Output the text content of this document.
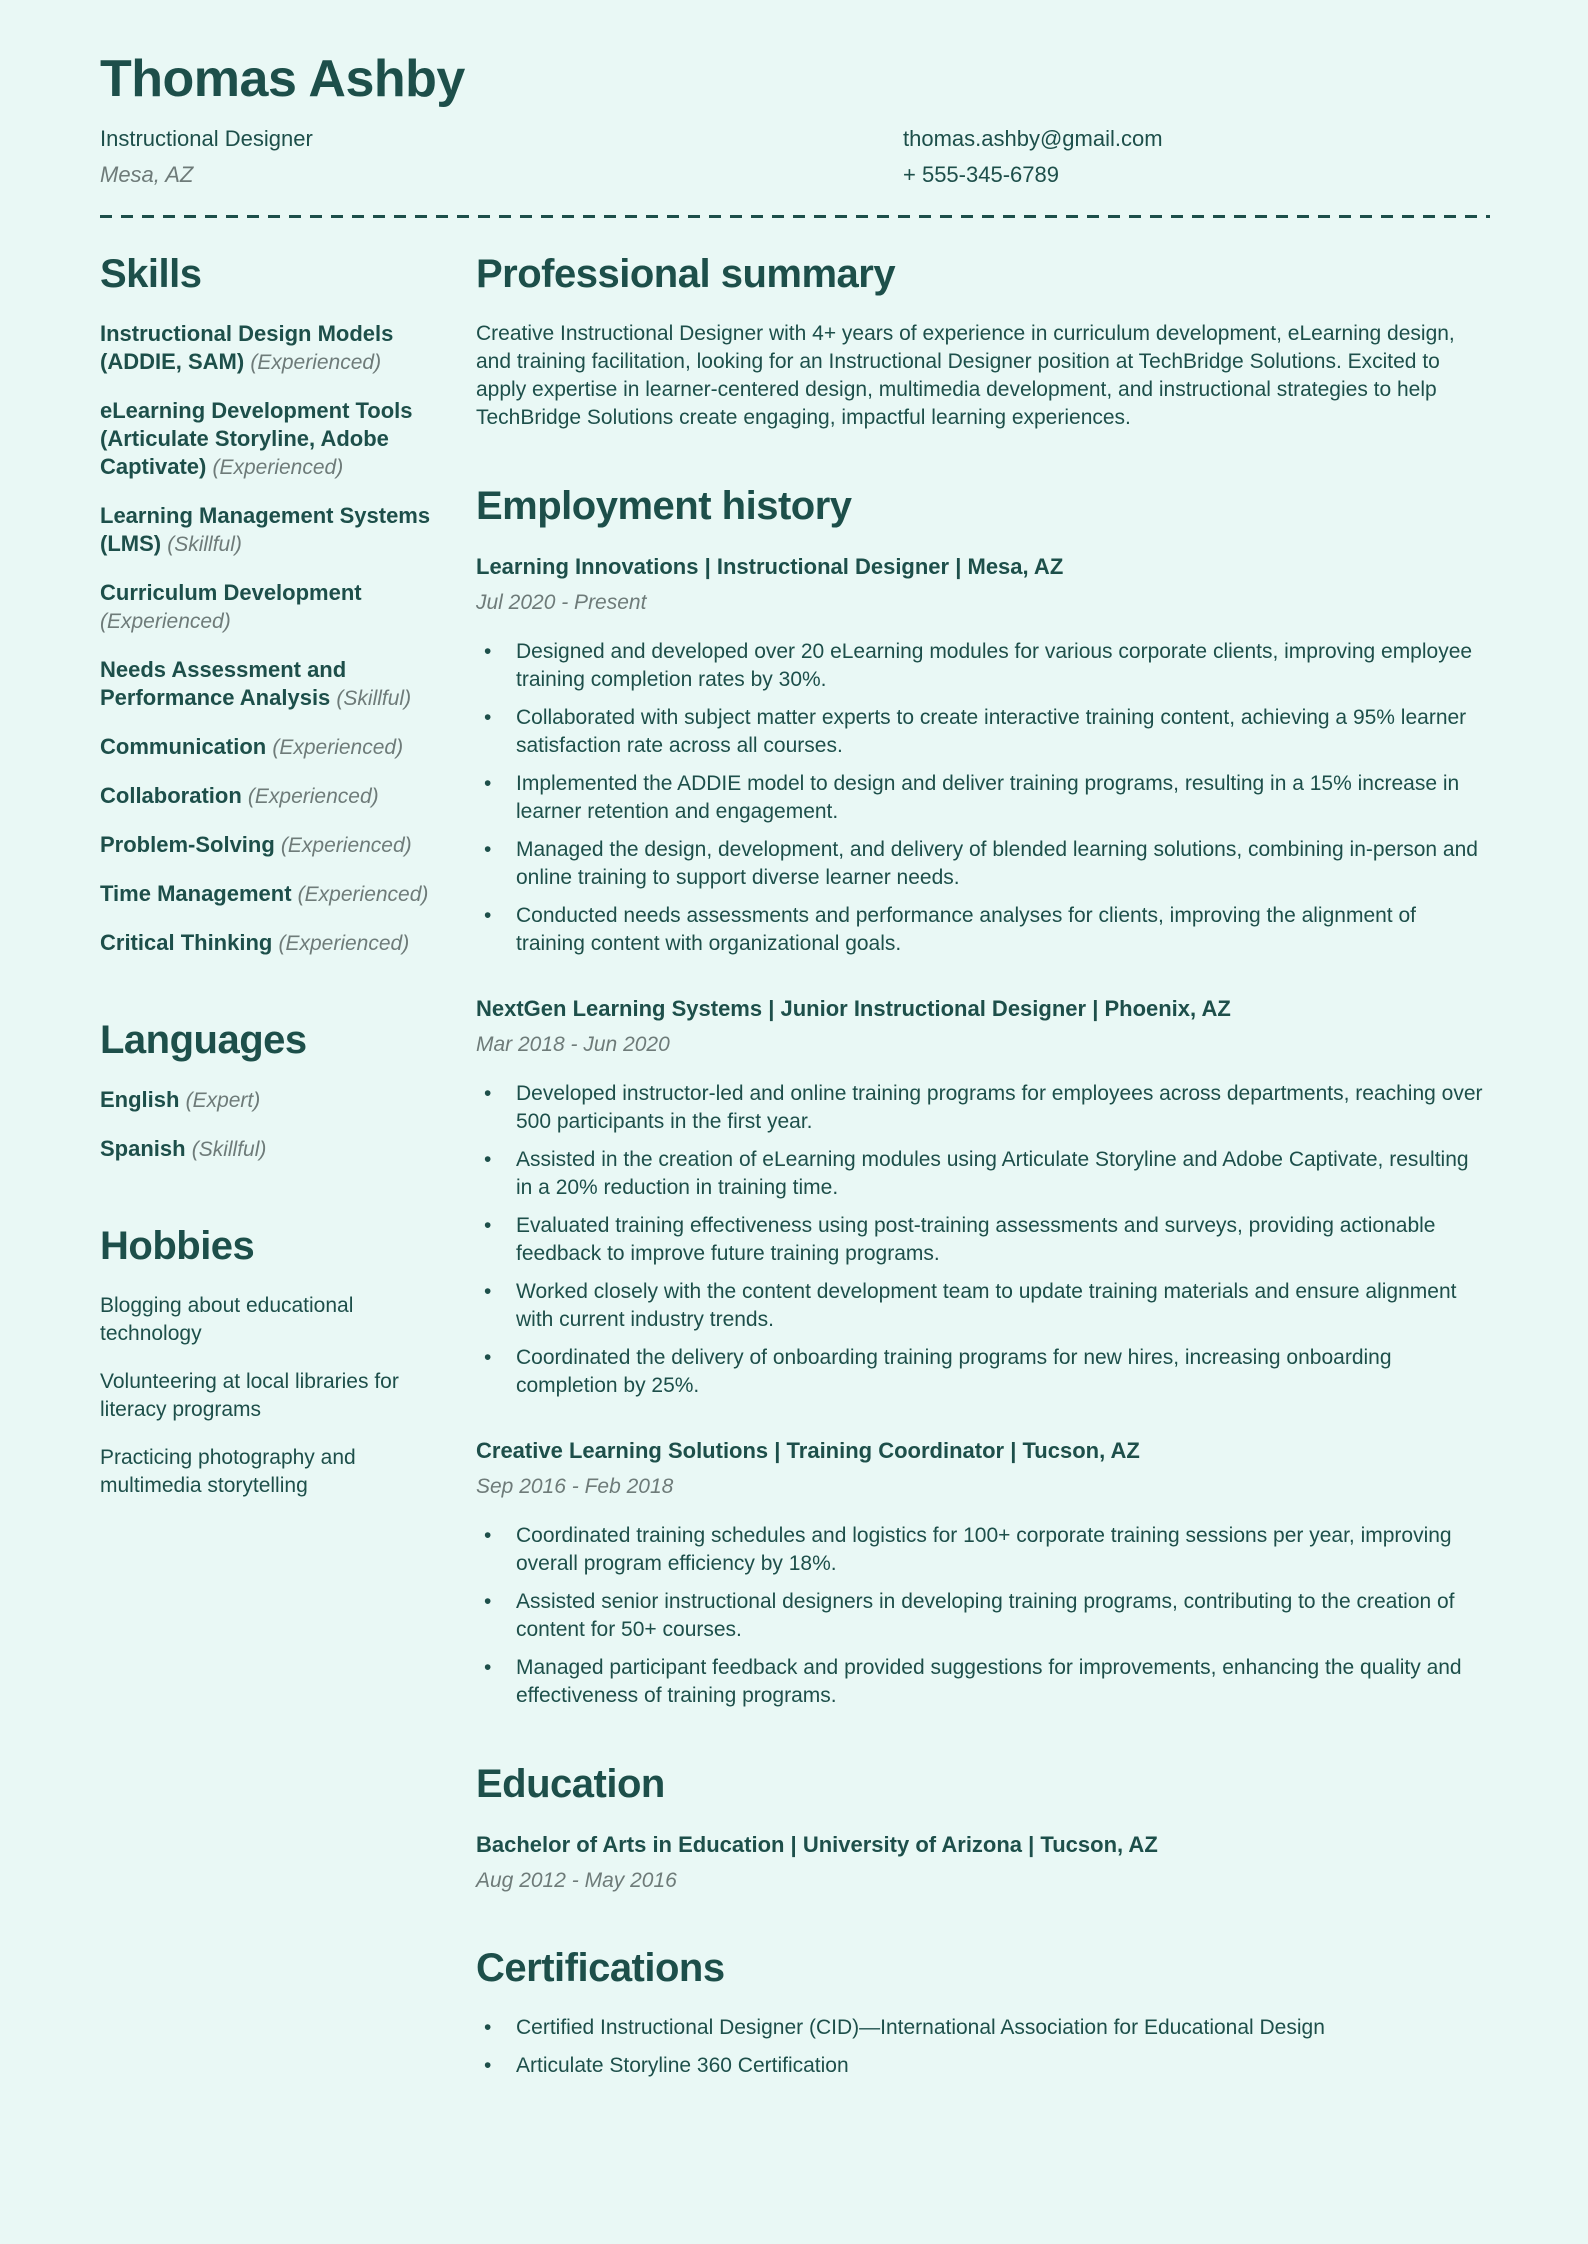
Thomas Ashby
Instructional Designer
Mesa, AZ
thomas.ashby@gmail.com
+ 555-345-6789
Skills
Instructional Design Models (ADDIE, SAM) (Experienced)
eLearning Development Tools (Articulate Storyline, Adobe Captivate) (Experienced)
Learning Management Systems (LMS) (Skillful)
Curriculum Development (Experienced)
Needs Assessment and Performance Analysis (Skillful)
Communication (Experienced)
Collaboration (Experienced)
Problem-Solving (Experienced)
Time Management (Experienced)
Critical Thinking (Experienced)
Languages
English (Expert)
Spanish (Skillful)
Hobbies

Blogging about educational technology

Volunteering at local libraries for literacy programs

Practicing photography and multimedia storytelling

Professional summary

Creative Instructional Designer with 4+ years of experience in curriculum development, eLearning design, and training facilitation, looking for an Instructional Designer position at TechBridge Solutions. Excited to apply expertise in learner-centered design, multimedia development, and instructional strategies to help TechBridge Solutions create engaging, impactful learning experiences.

Employment history
Learning Innovations | Instructional Designer | Mesa, AZ
Jul 2020 - Present
• Designed and developed over 20 eLearning modules for various corporate clients, improving employee training completion rates by 30%.
• Collaborated with subject matter experts to create interactive training content, achieving a 95% learner satisfaction rate across all courses.
• Implemented the ADDIE model to design and deliver training programs, resulting in a 15% increase in learner retention and engagement.
• Managed the design, development, and delivery of blended learning solutions, combining in-person and online training to support diverse learner needs.
• Conducted needs assessments and performance analyses for clients, improving the alignment of training content with organizational goals.
NextGen Learning Systems | Junior Instructional Designer | Phoenix, AZ
Mar 2018 - Jun 2020
• Developed instructor-led and online training programs for employees across departments, reaching over 500 participants in the first year.
• Assisted in the creation of eLearning modules using Articulate Storyline and Adobe Captivate, resulting in a 20% reduction in training time.
• Evaluated training effectiveness using post-training assessments and surveys, providing actionable feedback to improve future training programs.
• Worked closely with the content development team to update training materials and ensure alignment with current industry trends.
• Coordinated the delivery of onboarding training programs for new hires, increasing onboarding completion by 25%.
Creative Learning Solutions | Training Coordinator | Tucson, AZ
Sep 2016 - Feb 2018
• Coordinated training schedules and logistics for 100+ corporate training sessions per year, improving overall program efficiency by 18%.
• Assisted senior instructional designers in developing training programs, contributing to the creation of content for 50+ courses.
• Managed participant feedback and provided suggestions for improvements, enhancing the quality and effectiveness of training programs.
Education
Bachelor of Arts in Education | University of Arizona | Tucson, AZ
Aug 2012 - May 2016
Certifications
• Certified Instructional Designer (CID)—International Association for Educational Design
• Articulate Storyline 360 Certification
